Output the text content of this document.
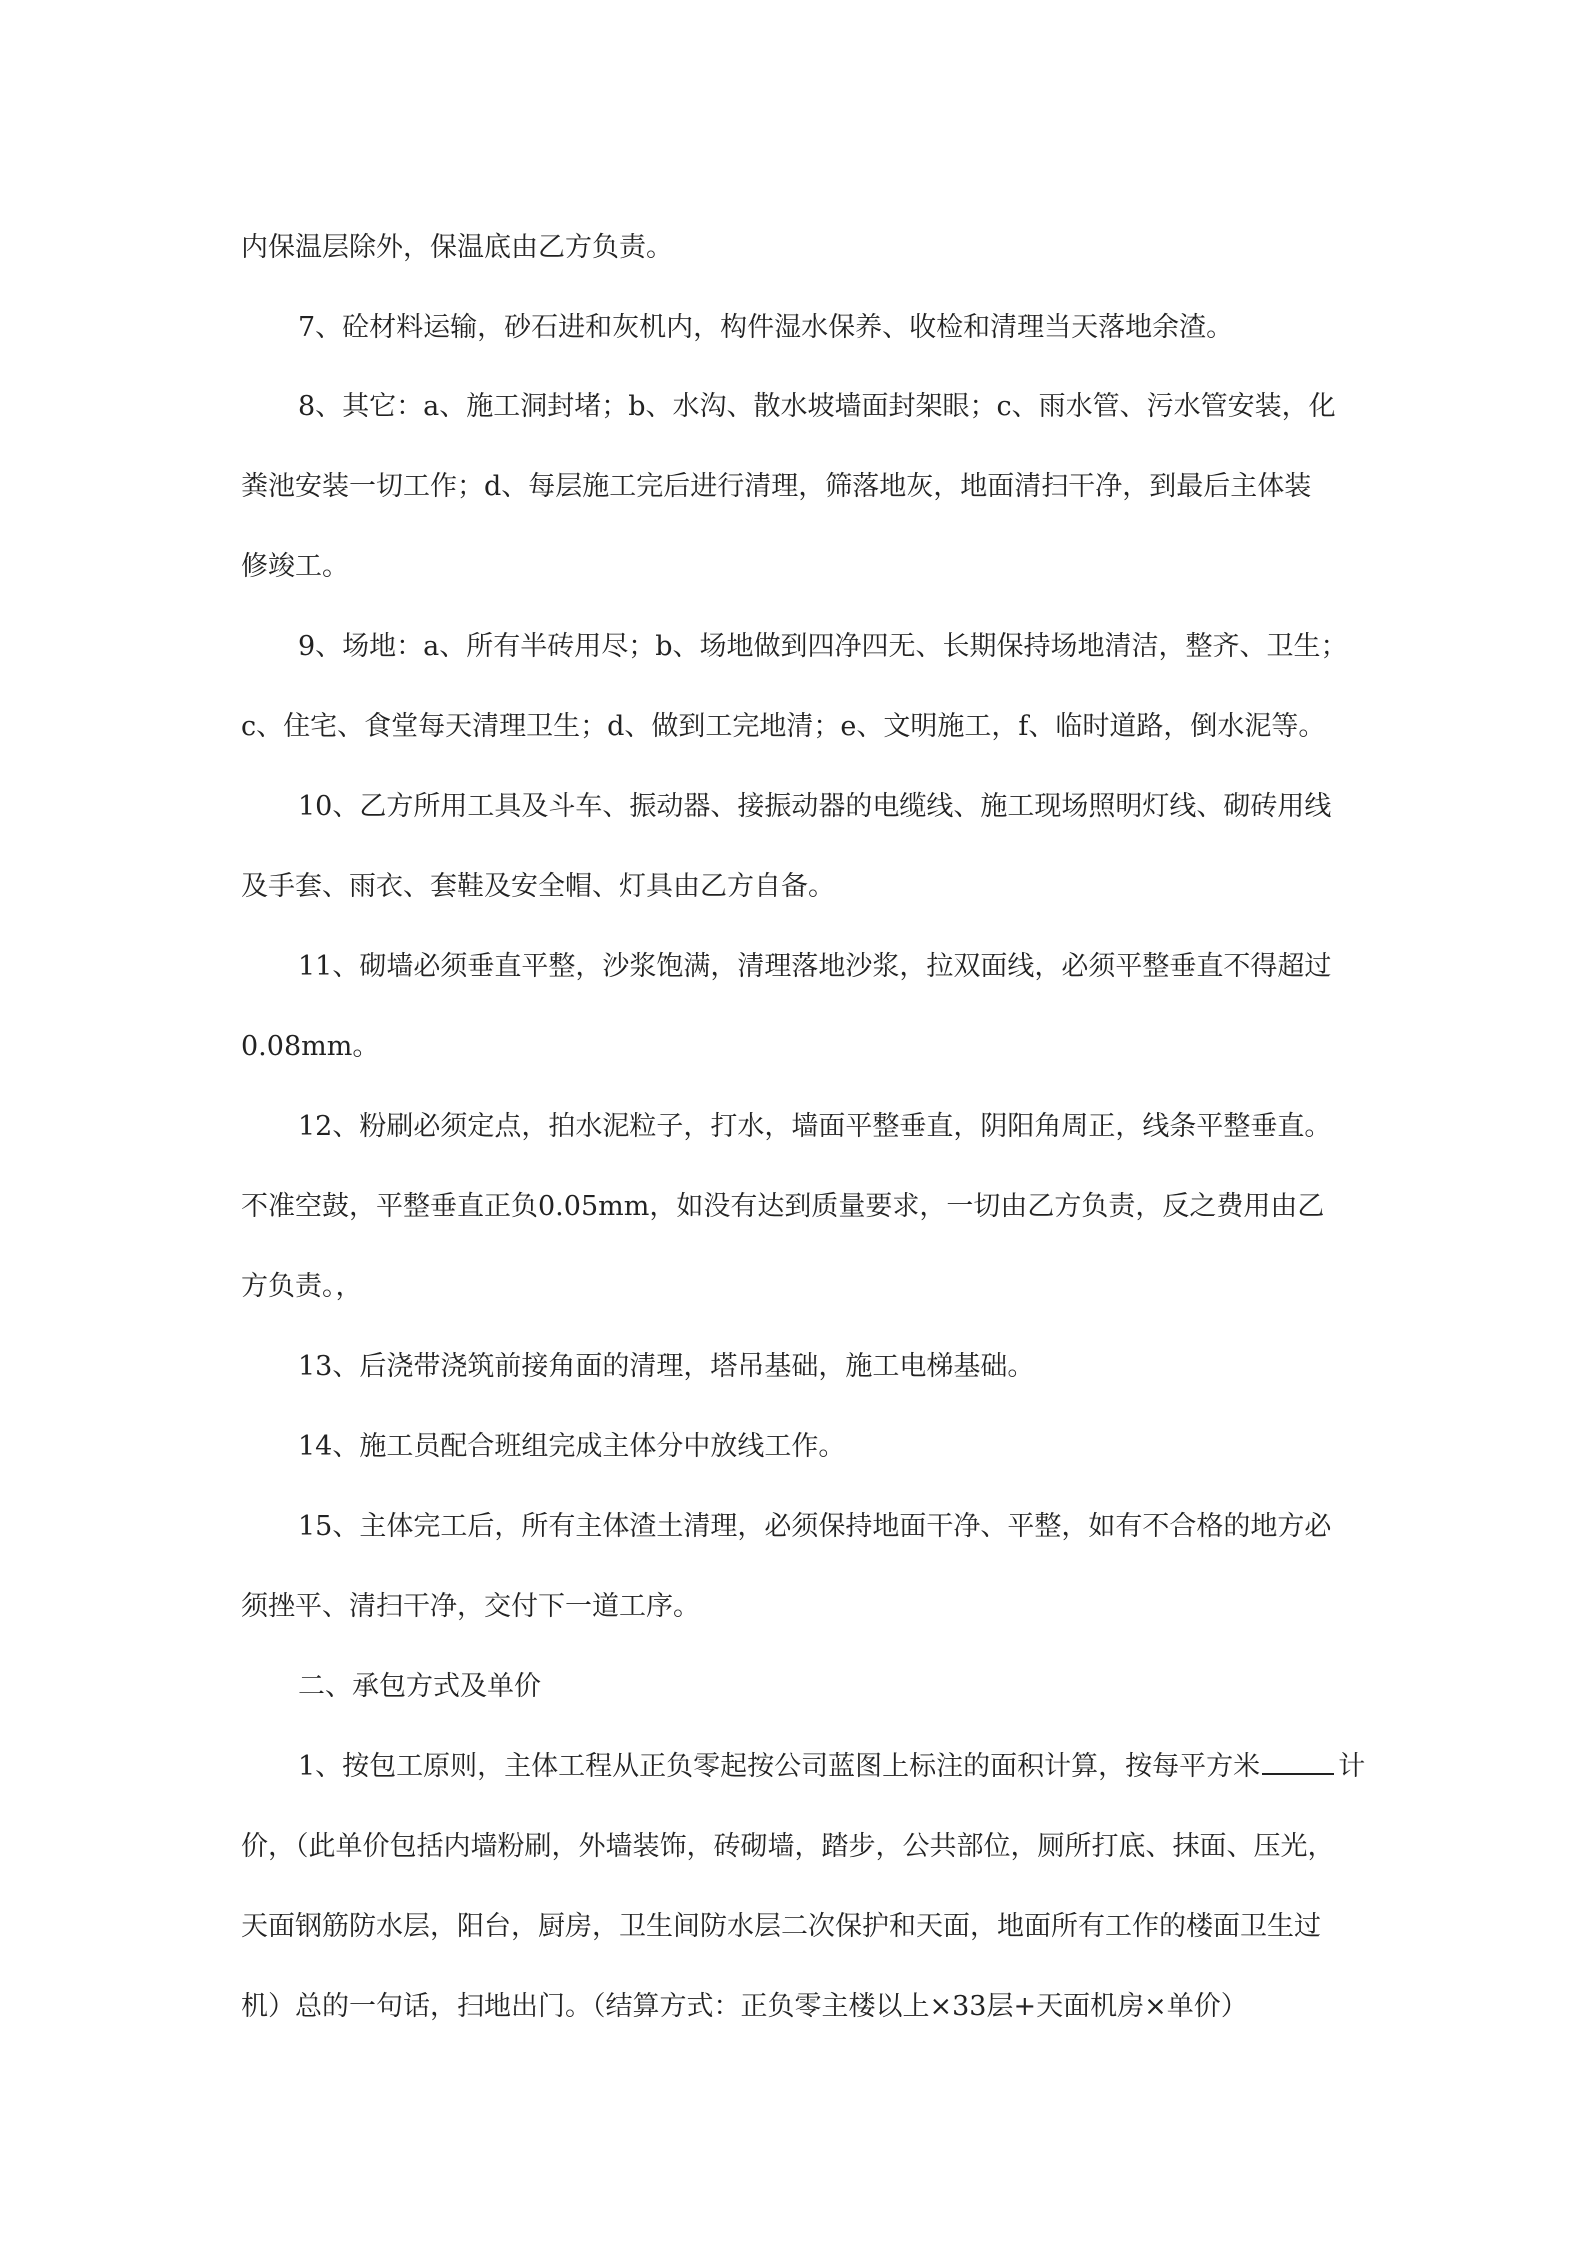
内保温层除外，保温底由乙方负责。
7、砼材料运输，砂石进和灰机内，构件湿水保养、收检和清理当天落地余渣。
8、其它：a、施工洞封堵；b、水沟、散水坡墙面封架眼；c、雨水管、污水管安装，化
粪池安装一切工作；d、每层施工完后进行清理，筛落地灰，地面清扫干净，到最后主体装
修竣工。
9、场地：a、所有半砖用尽；b、场地做到四净四无、长期保持场地清洁，整齐、卫生；
c、住宅、食堂每天清理卫生；d、做到工完地清；e、文明施工，f、临时道路，倒水泥等。
10、乙方所用工具及斗车、振动器、接振动器的电缆线、施工现场照明灯线、砌砖用线
及手套、雨衣、套鞋及安全帽、灯具由乙方自备。
11、砌墙必须垂直平整，沙浆饱满，清理落地沙浆，拉双面线，必须平整垂直不得超过
0.08mm。
12、粉刷必须定点，拍水泥粒子，打水，墙面平整垂直，阴阳角周正，线条平整垂直。
不准空鼓，平整垂直正负0.05mm，如没有达到质量要求，一切由乙方负责，反之费用由乙
方负责。，
13、后浇带浇筑前接角面的清理，塔吊基础，施工电梯基础。
14、施工员配合班组完成主体分中放线工作。
15、主体完工后，所有主体渣土清理，必须保持地面干净、平整，如有不合格的地方必
须挫平、清扫干净，交付下一道工序。
二、承包方式及单价
1、按包工原则，主体工程从正负零起按公司蓝图上标注的面积计算，按每平方米	计
价，（此单价包括内墙粉刷，外墙装饰，砖砌墙，踏步，公共部位，厕所打底、抹面、压光，
天面钢筋防水层，阳台，厨房，卫生间防水层二次保护和天面，地面所有工作的楼面卫生过
机）总的一句话，扫地出门。（结算方式：正负零主楼以上×33层+天面机房×单价）
